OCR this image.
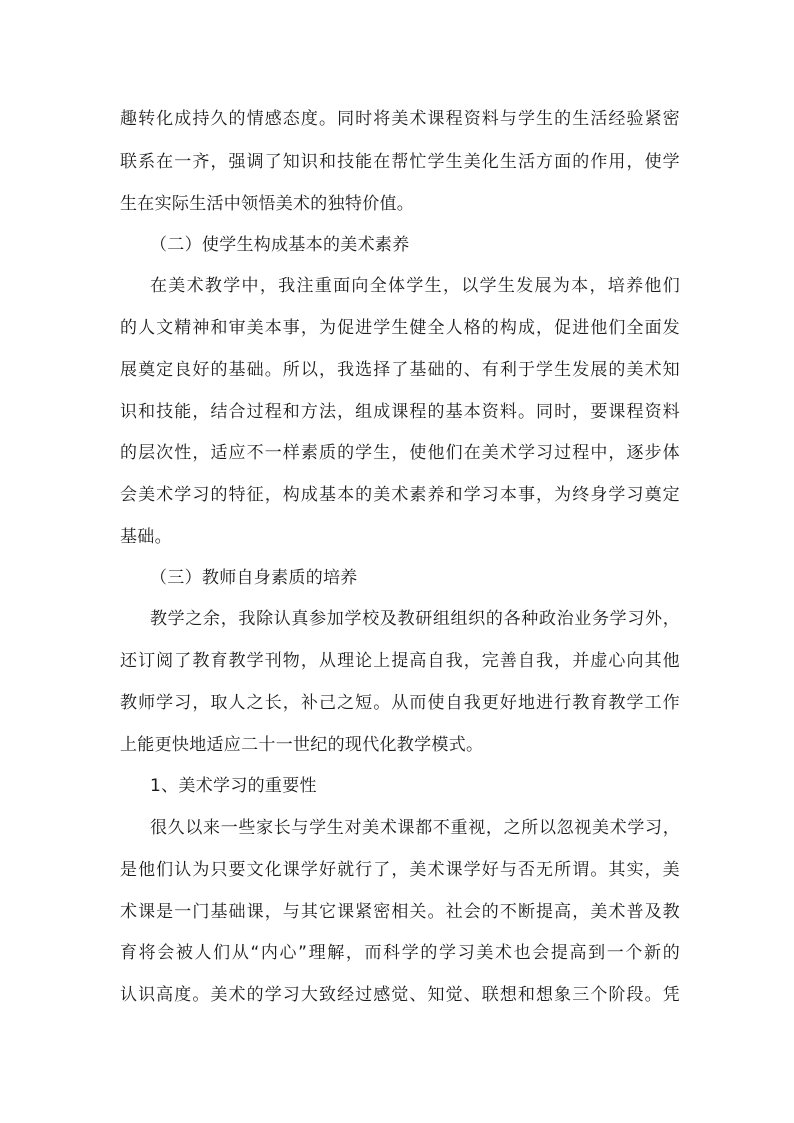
趣转化成持久的情感态度。同时将美术课程资料与学生的生活经验紧密
联系在一齐，强调了知识和技能在帮忙学生美化生活方面的作用，使学
生在实际生活中领悟美术的独特价值。
（二）使学生构成基本的美术素养
在美术教学中，我注重面向全体学生，以学生发展为本，培养他们
的人文精神和审美本事，为促进学生健全人格的构成，促进他们全面发
展奠定良好的基础。所以，我选择了基础的、有利于学生发展的美术知
识和技能，结合过程和方法，组成课程的基本资料。同时，要课程资料
的层次性，适应不一样素质的学生，使他们在美术学习过程中，逐步体
会美术学习的特征，构成基本的美术素养和学习本事，为终身学习奠定
基础。
（三）教师自身素质的培养
教学之余，我除认真参加学校及教研组组织的各种政治业务学习外，
还订阅了教育教学刊物，从理论上提高自我，完善自我，并虚心向其他
教师学习，取人之长，补己之短。从而使自我更好地进行教育教学工作
上能更快地适应二十一世纪的现代化教学模式。
1、美术学习的重要性
很久以来一些家长与学生对美术课都不重视，之所以忽视美术学习，
是他们认为只要文化课学好就行了，美术课学好与否无所谓。其实，美
术课是一门基础课，与其它课紧密相关。社会的不断提高，美术普及教
育将会被人们从“内心”理解，而科学的学习美术也会提高到一个新的
认识高度。美术的学习大致经过感觉、知觉、联想和想象三个阶段。凭
